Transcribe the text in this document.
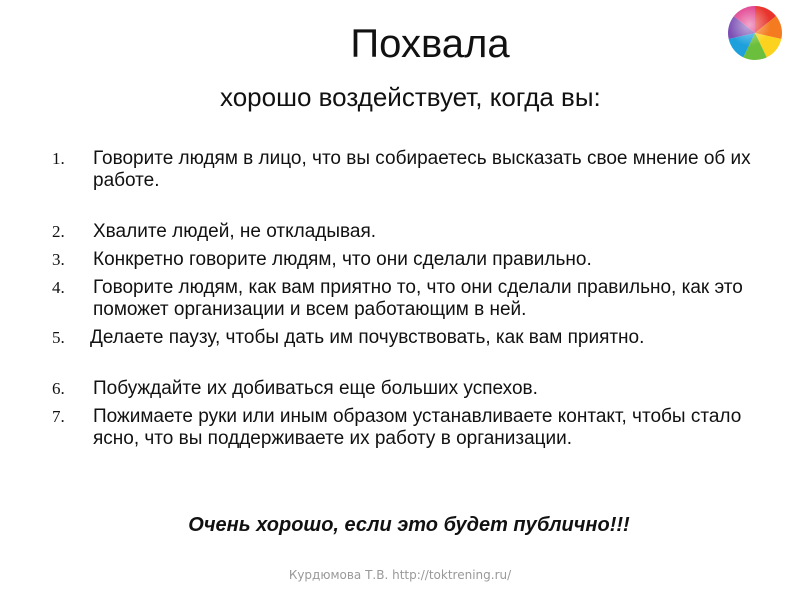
Похвала
хорошо воздействует, когда вы:
1.	Говорите людям в лицо, что вы собираетесь высказать свое мнение об их работе.
2.	Хвалите людей, не откладывая.
3.	Конкретно говорите людям, что они сделали правильно.
4.	Говорите людям, как вам приятно то, что они сделали правильно, как это поможет организации и всем работающим в ней.
5.	Делаете паузу, чтобы дать им почувствовать, как вам приятно.
6.	Побуждайте их добиваться еще больших успехов.
7.	Пожимаете руки или иным образом устанавливаете контакт, чтобы стало ясно, что вы поддерживаете их работу в организации.
Очень хорошо, если это будет публично!!!
Курдюмова Т.В. http://toktrening.ru/
